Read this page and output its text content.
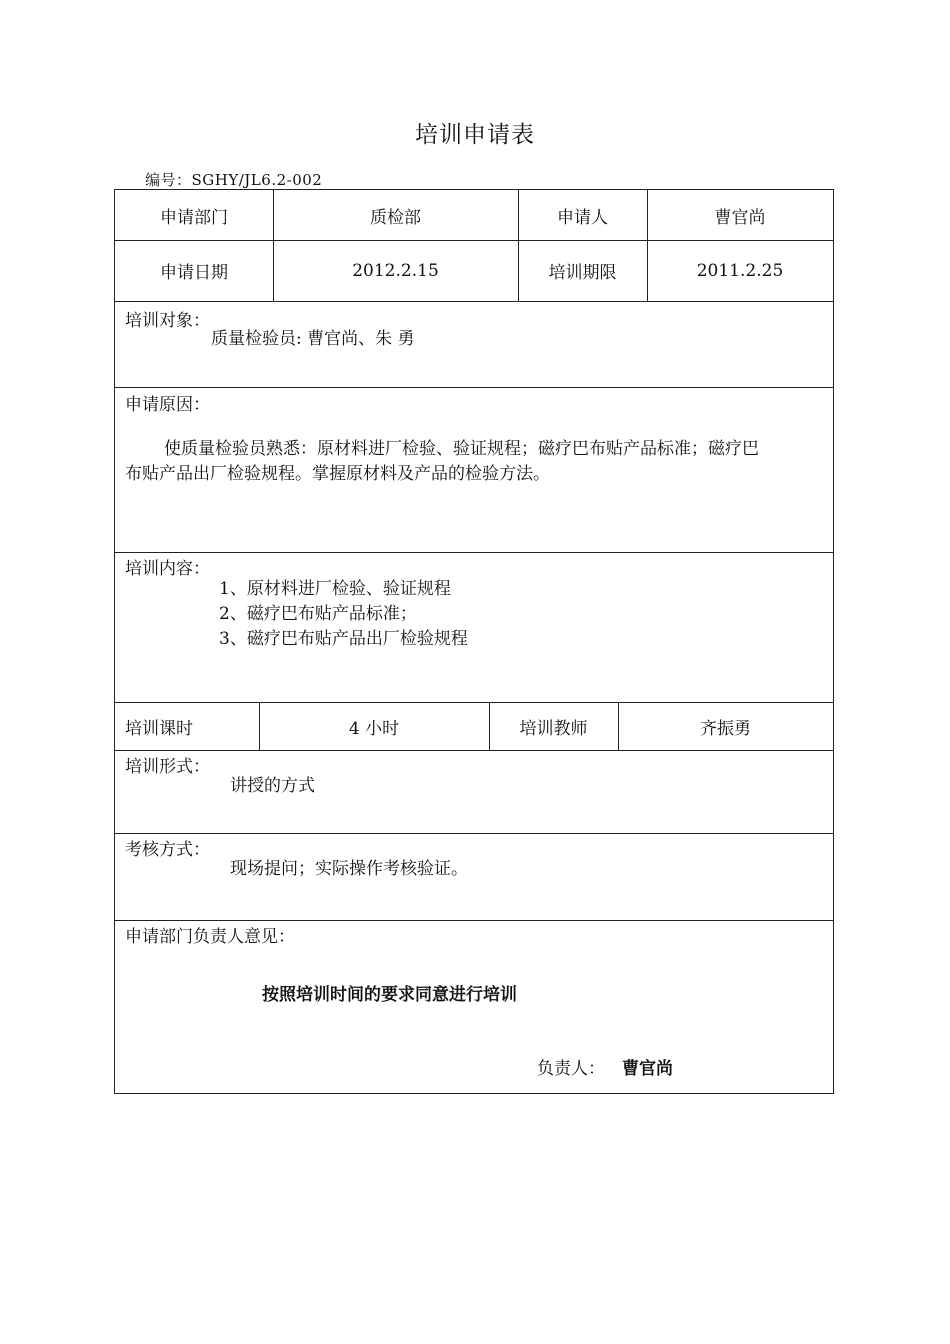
培训申请表
编号：SGHY/JL6.2-002
申请部门	质检部	申请人	曹官尚
申请日期	2012.2.15	培训期限	2011.2.25
培训对象：
质量检验员: 曹官尚、朱 勇
申请原因：
使质量检验员熟悉：原材料进厂检验、验证规程；磁疗巴布贴产品标准；磁疗巴
布贴产品出厂检验规程。掌握原材料及产品的检验方法。
培训内容：
1、原材料进厂检验、验证规程
2、磁疗巴布贴产品标准；
3、磁疗巴布贴产品出厂检验规程
培训课时	4 小时	培训教师	齐振勇
培训形式：
讲授的方式
考核方式：
现场提问；实际操作考核验证。
申请部门负责人意见：
按照培训时间的要求同意进行培训
负责人： 曹官尚
